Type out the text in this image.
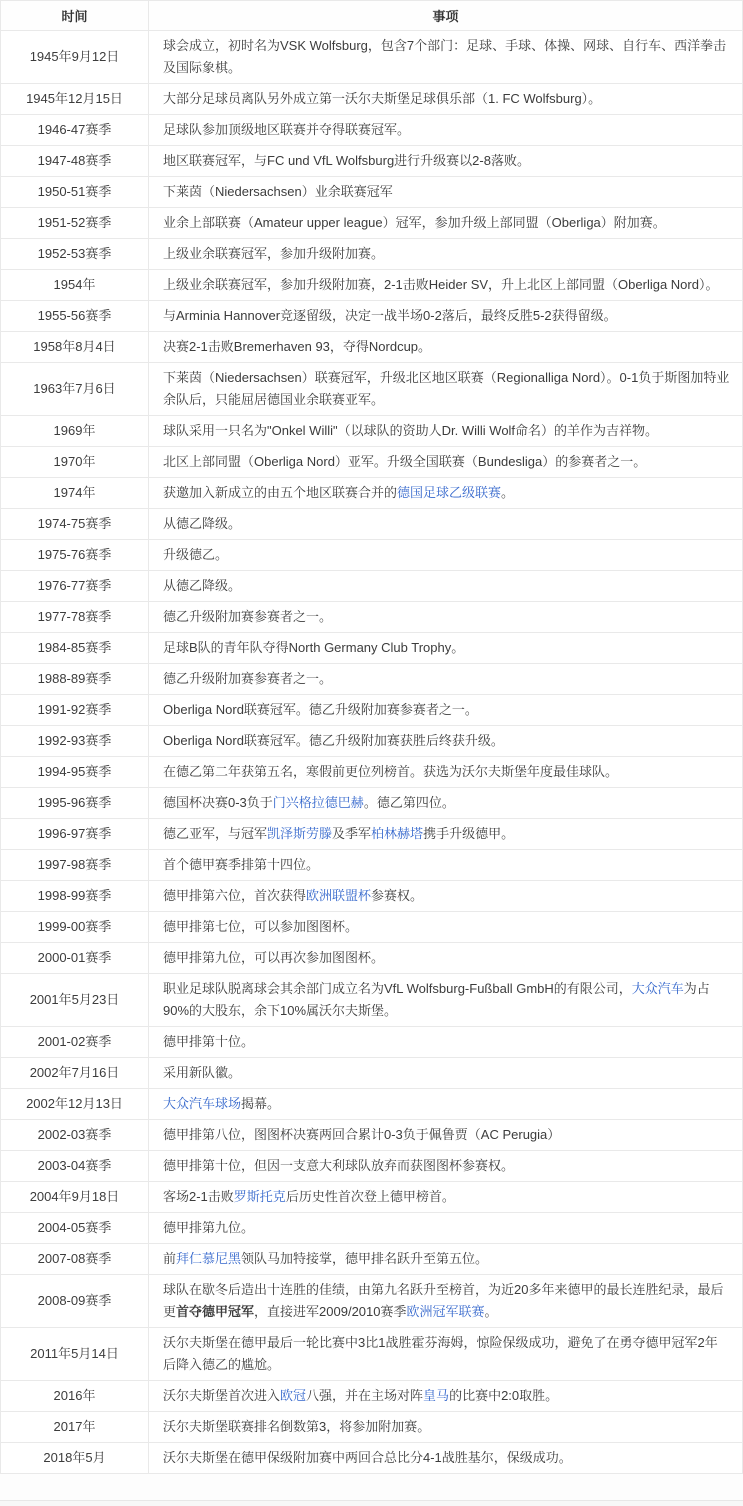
时间	事项
1945年9月12日	球会成立，初时名为VSK Wolfsburg，包含7个部门：足球、手球、体操、网球、自行车、西洋拳击及国际象棋。
1945年12月15日	大部分足球员离队另外成立第一沃尔夫斯堡足球俱乐部（1. FC Wolfsburg）。
1946-47赛季	足球队参加顶级地区联赛并夺得联赛冠军。
1947-48赛季	地区联赛冠军，与FC und VfL Wolfsburg进行升级赛以2-8落败。
1950-51赛季	下莱茵（Niedersachsen）业余联赛冠军
1951-52赛季	业余上部联赛（Amateur upper league）冠军，参加升级上部同盟（Oberliga）附加赛。
1952-53赛季	上级业余联赛冠军，参加升级附加赛。
1954年	上级业余联赛冠军，参加升级附加赛，2-1击败Heider SV，升上北区上部同盟（Oberliga Nord）。
1955-56赛季	与Arminia Hannover竞逐留级，决定一战半场0-2落后，最终反胜5-2获得留级。
1958年8月4日	决赛2-1击败Bremerhaven 93，夺得Nordcup。
1963年7月6日	下莱茵（Niedersachsen）联赛冠军，升级北区地区联赛（Regionalliga Nord）。0-1负于斯图加特业余队后，只能屈居德国业余联赛亚军。
1969年	球队采用一只名为"Onkel Willi"（以球队的资助人Dr. Willi Wolf命名）的羊作为吉祥物。
1970年	北区上部同盟（Oberliga Nord）亚军。升级全国联赛（Bundesliga）的参赛者之一。
1974年	获邀加入新成立的由五个地区联赛合并的德国足球乙级联赛。
1974-75赛季	从德乙降级。
1975-76赛季	升级德乙。
1976-77赛季	从德乙降级。
1977-78赛季	德乙升级附加赛参赛者之一。
1984-85赛季	足球B队的青年队夺得North Germany Club Trophy。
1988-89赛季	德乙升级附加赛参赛者之一。
1991-92赛季	Oberliga Nord联赛冠军。德乙升级附加赛参赛者之一。
1992-93赛季	Oberliga Nord联赛冠军。德乙升级附加赛获胜后终获升级。
1994-95赛季	在德乙第二年获第五名，寒假前更位列榜首。获选为沃尔夫斯堡年度最佳球队。
1995-96赛季	德国杯决赛0-3负于门兴格拉德巴赫。德乙第四位。
1996-97赛季	德乙亚军，与冠军凯泽斯劳滕及季军柏林赫塔携手升级德甲。
1997-98赛季	首个德甲赛季排第十四位。
1998-99赛季	德甲排第六位，首次获得欧洲联盟杯参赛权。
1999-00赛季	德甲排第七位，可以参加图图杯。
2000-01赛季	德甲排第九位，可以再次参加图图杯。
2001年5月23日	职业足球队脱离球会其余部门成立名为VfL Wolfsburg-Fußball GmbH的有限公司，大众汽车为占90%的大股东，余下10%属沃尔夫斯堡。
2001-02赛季	德甲排第十位。
2002年7月16日	采用新队徽。
2002年12月13日	大众汽车球场揭幕。
2002-03赛季	德甲排第八位，图图杯决赛两回合累计0-3负于佩鲁贾（AC Perugia）
2003-04赛季	德甲排第十位，但因一支意大利球队放弃而获图图杯参赛权。
2004年9月18日	客场2-1击败罗斯托克后历史性首次登上德甲榜首。
2004-05赛季	德甲排第九位。
2007-08赛季	前拜仁慕尼黑领队马加特接掌，德甲排名跃升至第五位。
2008-09赛季	球队在歇冬后造出十连胜的佳绩，由第九名跃升至榜首，为近20多年来德甲的最长连胜纪录，最后更首夺德甲冠军，直接进军2009/2010赛季欧洲冠军联赛。
2011年5月14日	沃尔夫斯堡在德甲最后一轮比赛中3比1战胜霍芬海姆，惊险保级成功，避免了在勇夺德甲冠军2年后降入德乙的尴尬。
2016年	沃尔夫斯堡首次进入欧冠八强，并在主场对阵皇马的比赛中2:0取胜。
2017年	沃尔夫斯堡联赛排名倒数第3，将参加附加赛。
2018年5月	沃尔夫斯堡在德甲保级附加赛中两回合总比分4-1战胜基尔，保级成功。
